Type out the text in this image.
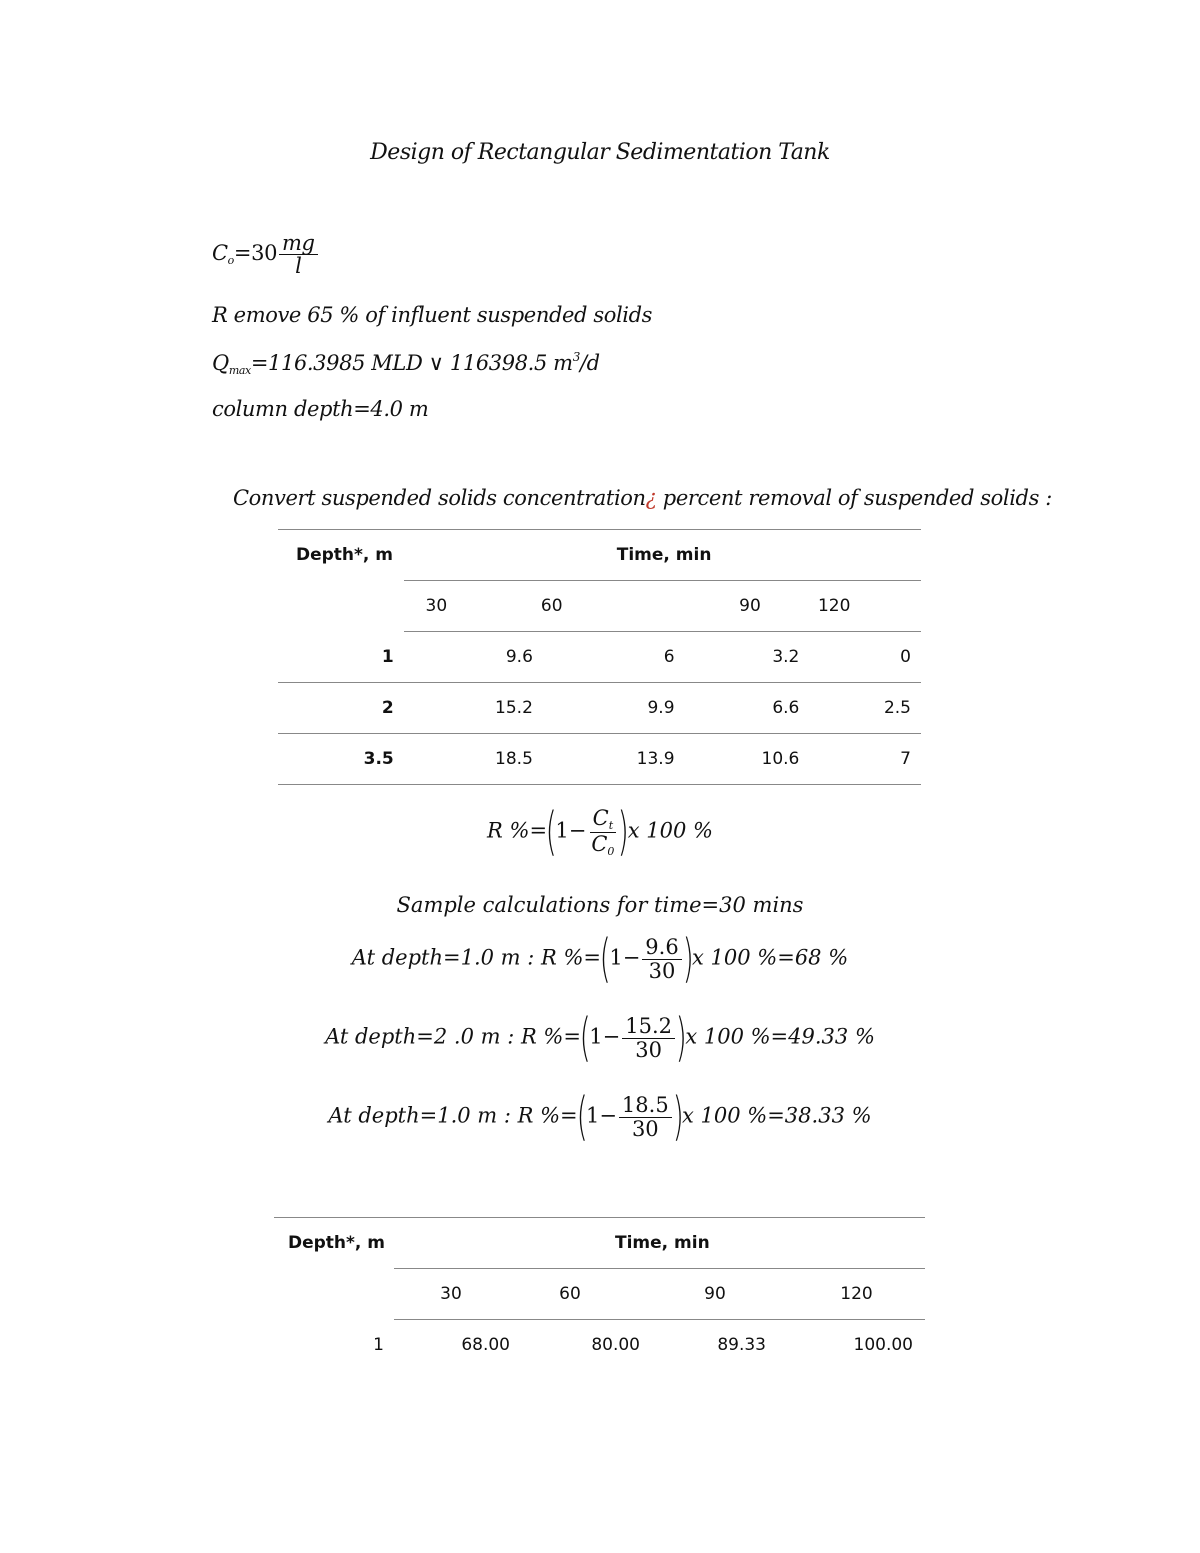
Design of Rectangular Sedimentation Tank
$C_o=30 \frac{mg}{l}$
R emove 65 % of influent suspended solids
$Q_{max}=116.3985$ MLD ∨ 116398.5 $m^3/d$
column depth=4.0 m
Convert suspended solids concentration¿ percent removal of suspended solids :
Depth*, m	Time, min			
	30	60	90	120
1	9.6	6	3.2	0
2	15.2	9.9	6.6	2.5
3.5	18.5	13.9	10.6	7
R $\%=(1- \frac{C_t}{C_0} )x$ 100 %
Sample calculations for time=30 mins
At depth=1.0 m : R $\%=(1- \frac{9.6}{30} )x$ 100 %=68 %
At depth=2 .0 m : R $\%=(1- \frac{15.2}{30} )x$ 100 %=49.33 %
At depth=1.0 m : R $\%=(1- \frac{18.5}{30} )x$ 100 %=38.33 %
Depth*, m	Time, min			
	30	60	90	120
1	68.00	80.00	89.33	100.00
